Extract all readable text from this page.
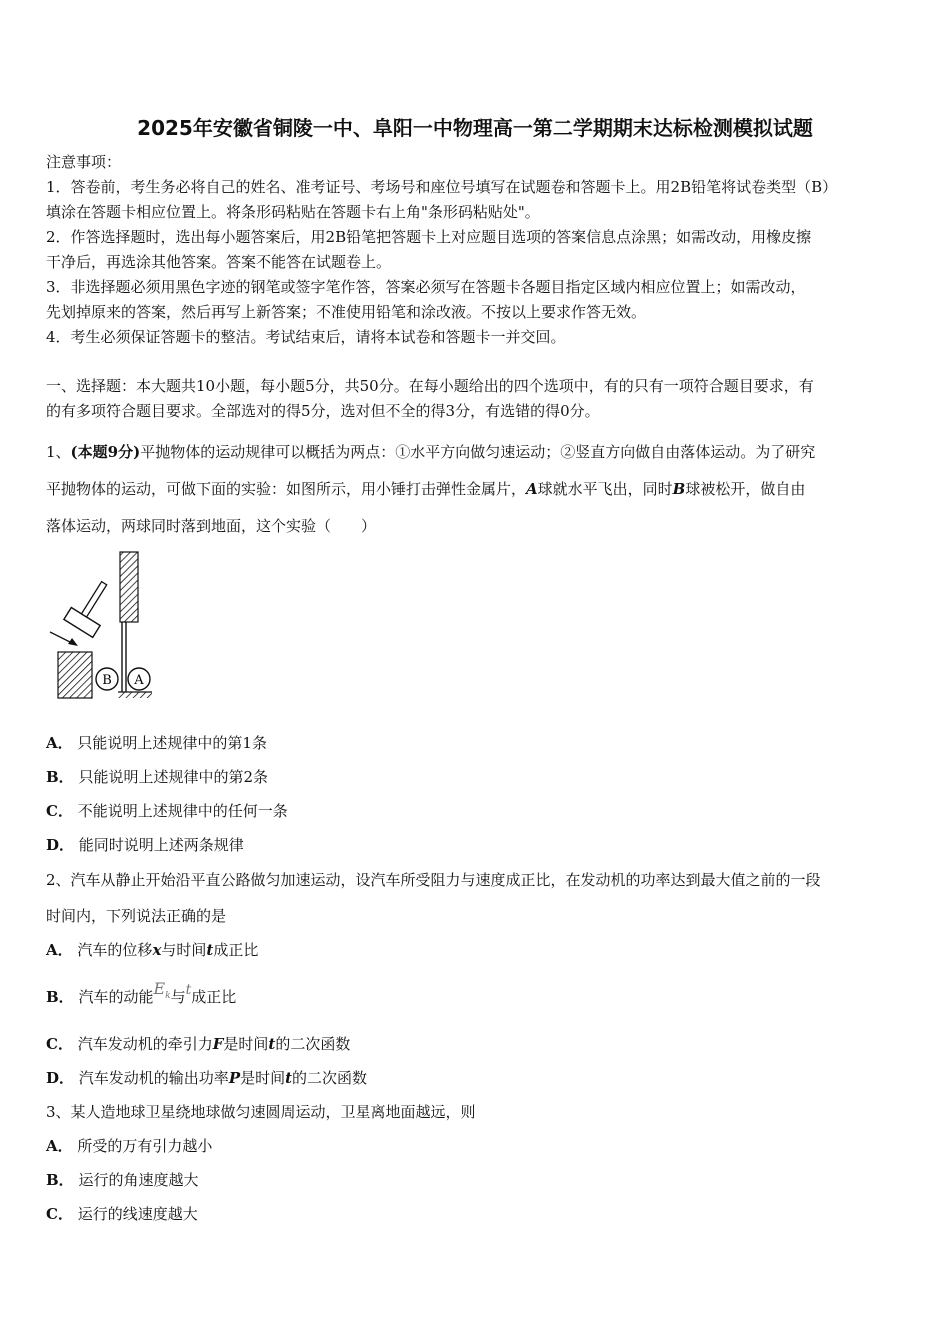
2025年安徽省铜陵一中、阜阳一中物理高一第二学期期末达标检测模拟试题
注意事项：
1．答卷前，考生务必将自己的姓名、准考证号、考场号和座位号填写在试题卷和答题卡上。用2B铅笔将试卷类型（B）
填涂在答题卡相应位置上。将条形码粘贴在答题卡右上角"条形码粘贴处"。
2．作答选择题时，选出每小题答案后，用2B铅笔把答题卡上对应题目选项的答案信息点涂黑；如需改动，用橡皮擦
干净后，再选涂其他答案。答案不能答在试题卷上。
3．非选择题必须用黑色字迹的钢笔或签字笔作答，答案必须写在答题卡各题目指定区域内相应位置上；如需改动，
先划掉原来的答案，然后再写上新答案；不准使用铅笔和涂改液。不按以上要求作答无效。
4．考生必须保证答题卡的整洁。考试结束后，请将本试卷和答题卡一并交回。
一、选择题：本大题共10小题，每小题5分，共50分。在每小题给出的四个选项中，有的只有一项符合题目要求，有
的有多项符合题目要求。全部选对的得5分，选对但不全的得3分，有选错的得0分。
1、(本题9分)平抛物体的运动规律可以概括为两点：①水平方向做匀速运动；②竖直方向做自由落体运动。为了研究
平抛物体的运动，可做下面的实验：如图所示，用小锤打击弹性金属片，A球就水平飞出，同时B球被松开，做自由
落体运动，两球同时落到地面，这个实验（　　）
B A
A． 只能说明上述规律中的第1条
B． 只能说明上述规律中的第2条
C． 不能说明上述规律中的任何一条
D． 能同时说明上述两条规律
2、汽车从静止开始沿平直公路做匀加速运动，设汽车所受阻力与速度成正比，在发动机的功率达到最大值之前的一段
时间内，下列说法正确的是
A． 汽车的位移x与时间t成正比
B． 汽车的动能$E_k$与t成正比
C． 汽车发动机的牵引力F是时间t的二次函数
D． 汽车发动机的输出功率P是时间t的二次函数
3、某人造地球卫星绕地球做匀速圆周运动，卫星离地面越远，则
A． 所受的万有引力越小
B． 运行的角速度越大
C． 运行的线速度越大
